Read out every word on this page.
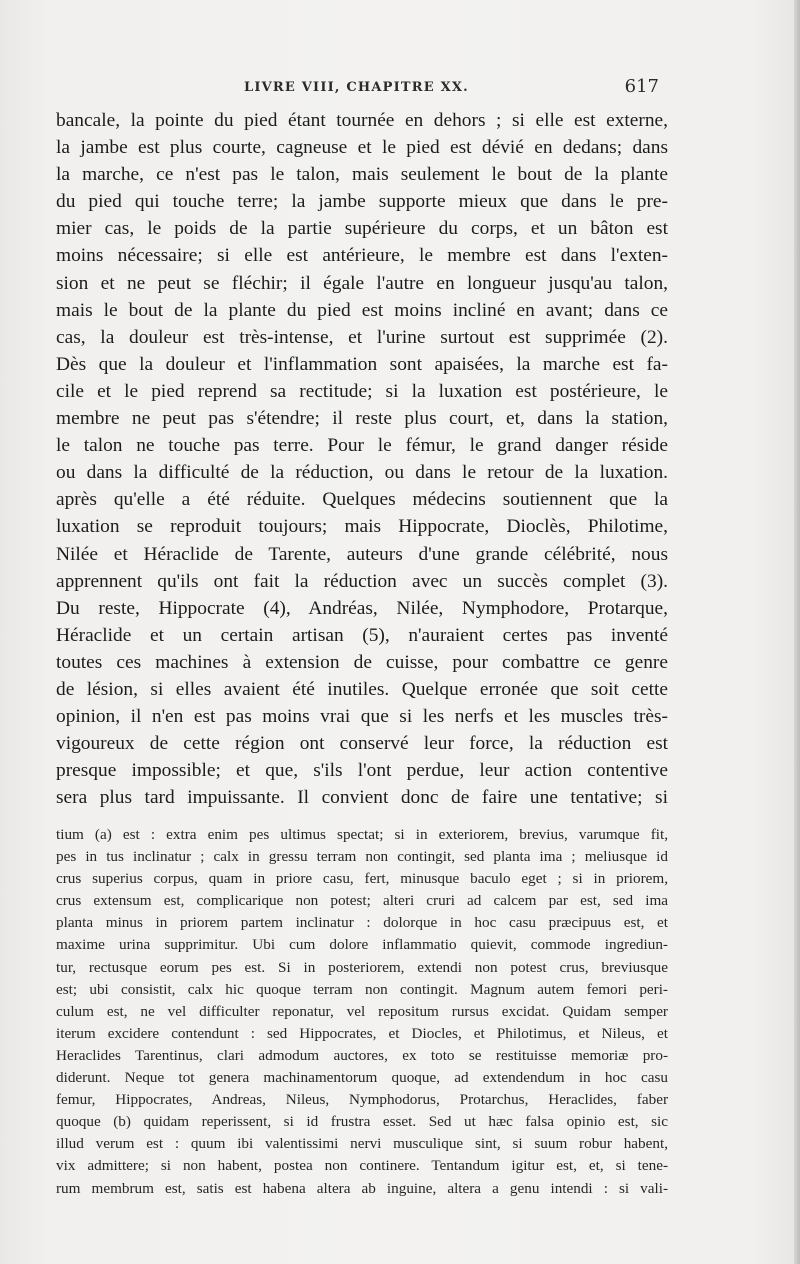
LIVRE VIII, CHAPITRE XX.	617
bancale, la pointe du pied étant tournée en dehors ; si elle est externe,
la jambe est plus courte, cagneuse et le pied est dévié en dedans; dans
la marche, ce n'est pas le talon, mais seulement le bout de la plante
du pied qui touche terre; la jambe supporte mieux que dans le pre-
mier cas, le poids de la partie supérieure du corps, et un bâton est
moins nécessaire; si elle est antérieure, le membre est dans l'exten-
sion et ne peut se fléchir; il égale l'autre en longueur jusqu'au talon,
mais le bout de la plante du pied est moins incliné en avant; dans ce
cas, la douleur est très-intense, et l'urine surtout est supprimée (2).
Dès que la douleur et l'inflammation sont apaisées, la marche est fa-
cile et le pied reprend sa rectitude; si la luxation est postérieure, le
membre ne peut pas s'étendre; il reste plus court, et, dans la station,
le talon ne touche pas terre. Pour le fémur, le grand danger réside
ou dans la difficulté de la réduction, ou dans le retour de la luxation.
après qu'elle a été réduite. Quelques médecins soutiennent que la
luxation se reproduit toujours; mais Hippocrate, Dioclès, Philotime,
Nilée et Héraclide de Tarente, auteurs d'une grande célébrité, nous
apprennent qu'ils ont fait la réduction avec un succès complet (3).
Du reste, Hippocrate (4), Andréas, Nilée, Nymphodore, Protarque,
Héraclide et un certain artisan (5), n'auraient certes pas inventé
toutes ces machines à extension de cuisse, pour combattre ce genre
de lésion, si elles avaient été inutiles. Quelque erronée que soit cette
opinion, il n'en est pas moins vrai que si les nerfs et les muscles très-
vigoureux de cette région ont conservé leur force, la réduction est
presque impossible; et que, s'ils l'ont perdue, leur action contentive
sera plus tard impuissante. Il convient donc de faire une tentative; si
tium (a) est : extra enim pes ultimus spectat; si in exteriorem, brevius, varumque fit,
pes in tus inclinatur ; calx in gressu terram non contingit, sed planta ima ; meliusque id
crus superius corpus, quam in priore casu, fert, minusque baculo eget ; si in priorem,
crus extensum est, complicarique non potest; alteri cruri ad calcem par est, sed ima
planta minus in priorem partem inclinatur : dolorque in hoc casu præcipuus est, et
maxime urina supprimitur. Ubi cum dolore inflammatio quievit, commode ingrediun-
tur, rectusque eorum pes est. Si in posteriorem, extendi non potest crus, breviusque
est; ubi consistit, calx hic quoque terram non contingit. Magnum autem femori peri-
culum est, ne vel difficulter reponatur, vel repositum rursus excidat. Quidam semper
iterum excidere contendunt : sed Hippocrates, et Diocles, et Philotimus, et Nileus, et
Heraclides Tarentinus, clari admodum auctores, ex toto se restituisse memoriæ pro-
diderunt. Neque tot genera machinamentorum quoque, ad extendendum in hoc casu
femur, Hippocrates, Andreas, Nileus, Nymphodorus, Protarchus, Heraclides, faber
quoque (b) quidam reperissent, si id frustra esset. Sed ut hæc falsa opinio est, sic
illud verum est : quum ibi valentissimi nervi musculique sint, si suum robur habent,
vix admittere; si non habent, postea non continere. Tentandum igitur est, et, si tene-
rum membrum est, satis est habena altera ab inguine, altera a genu intendi : si vali-
